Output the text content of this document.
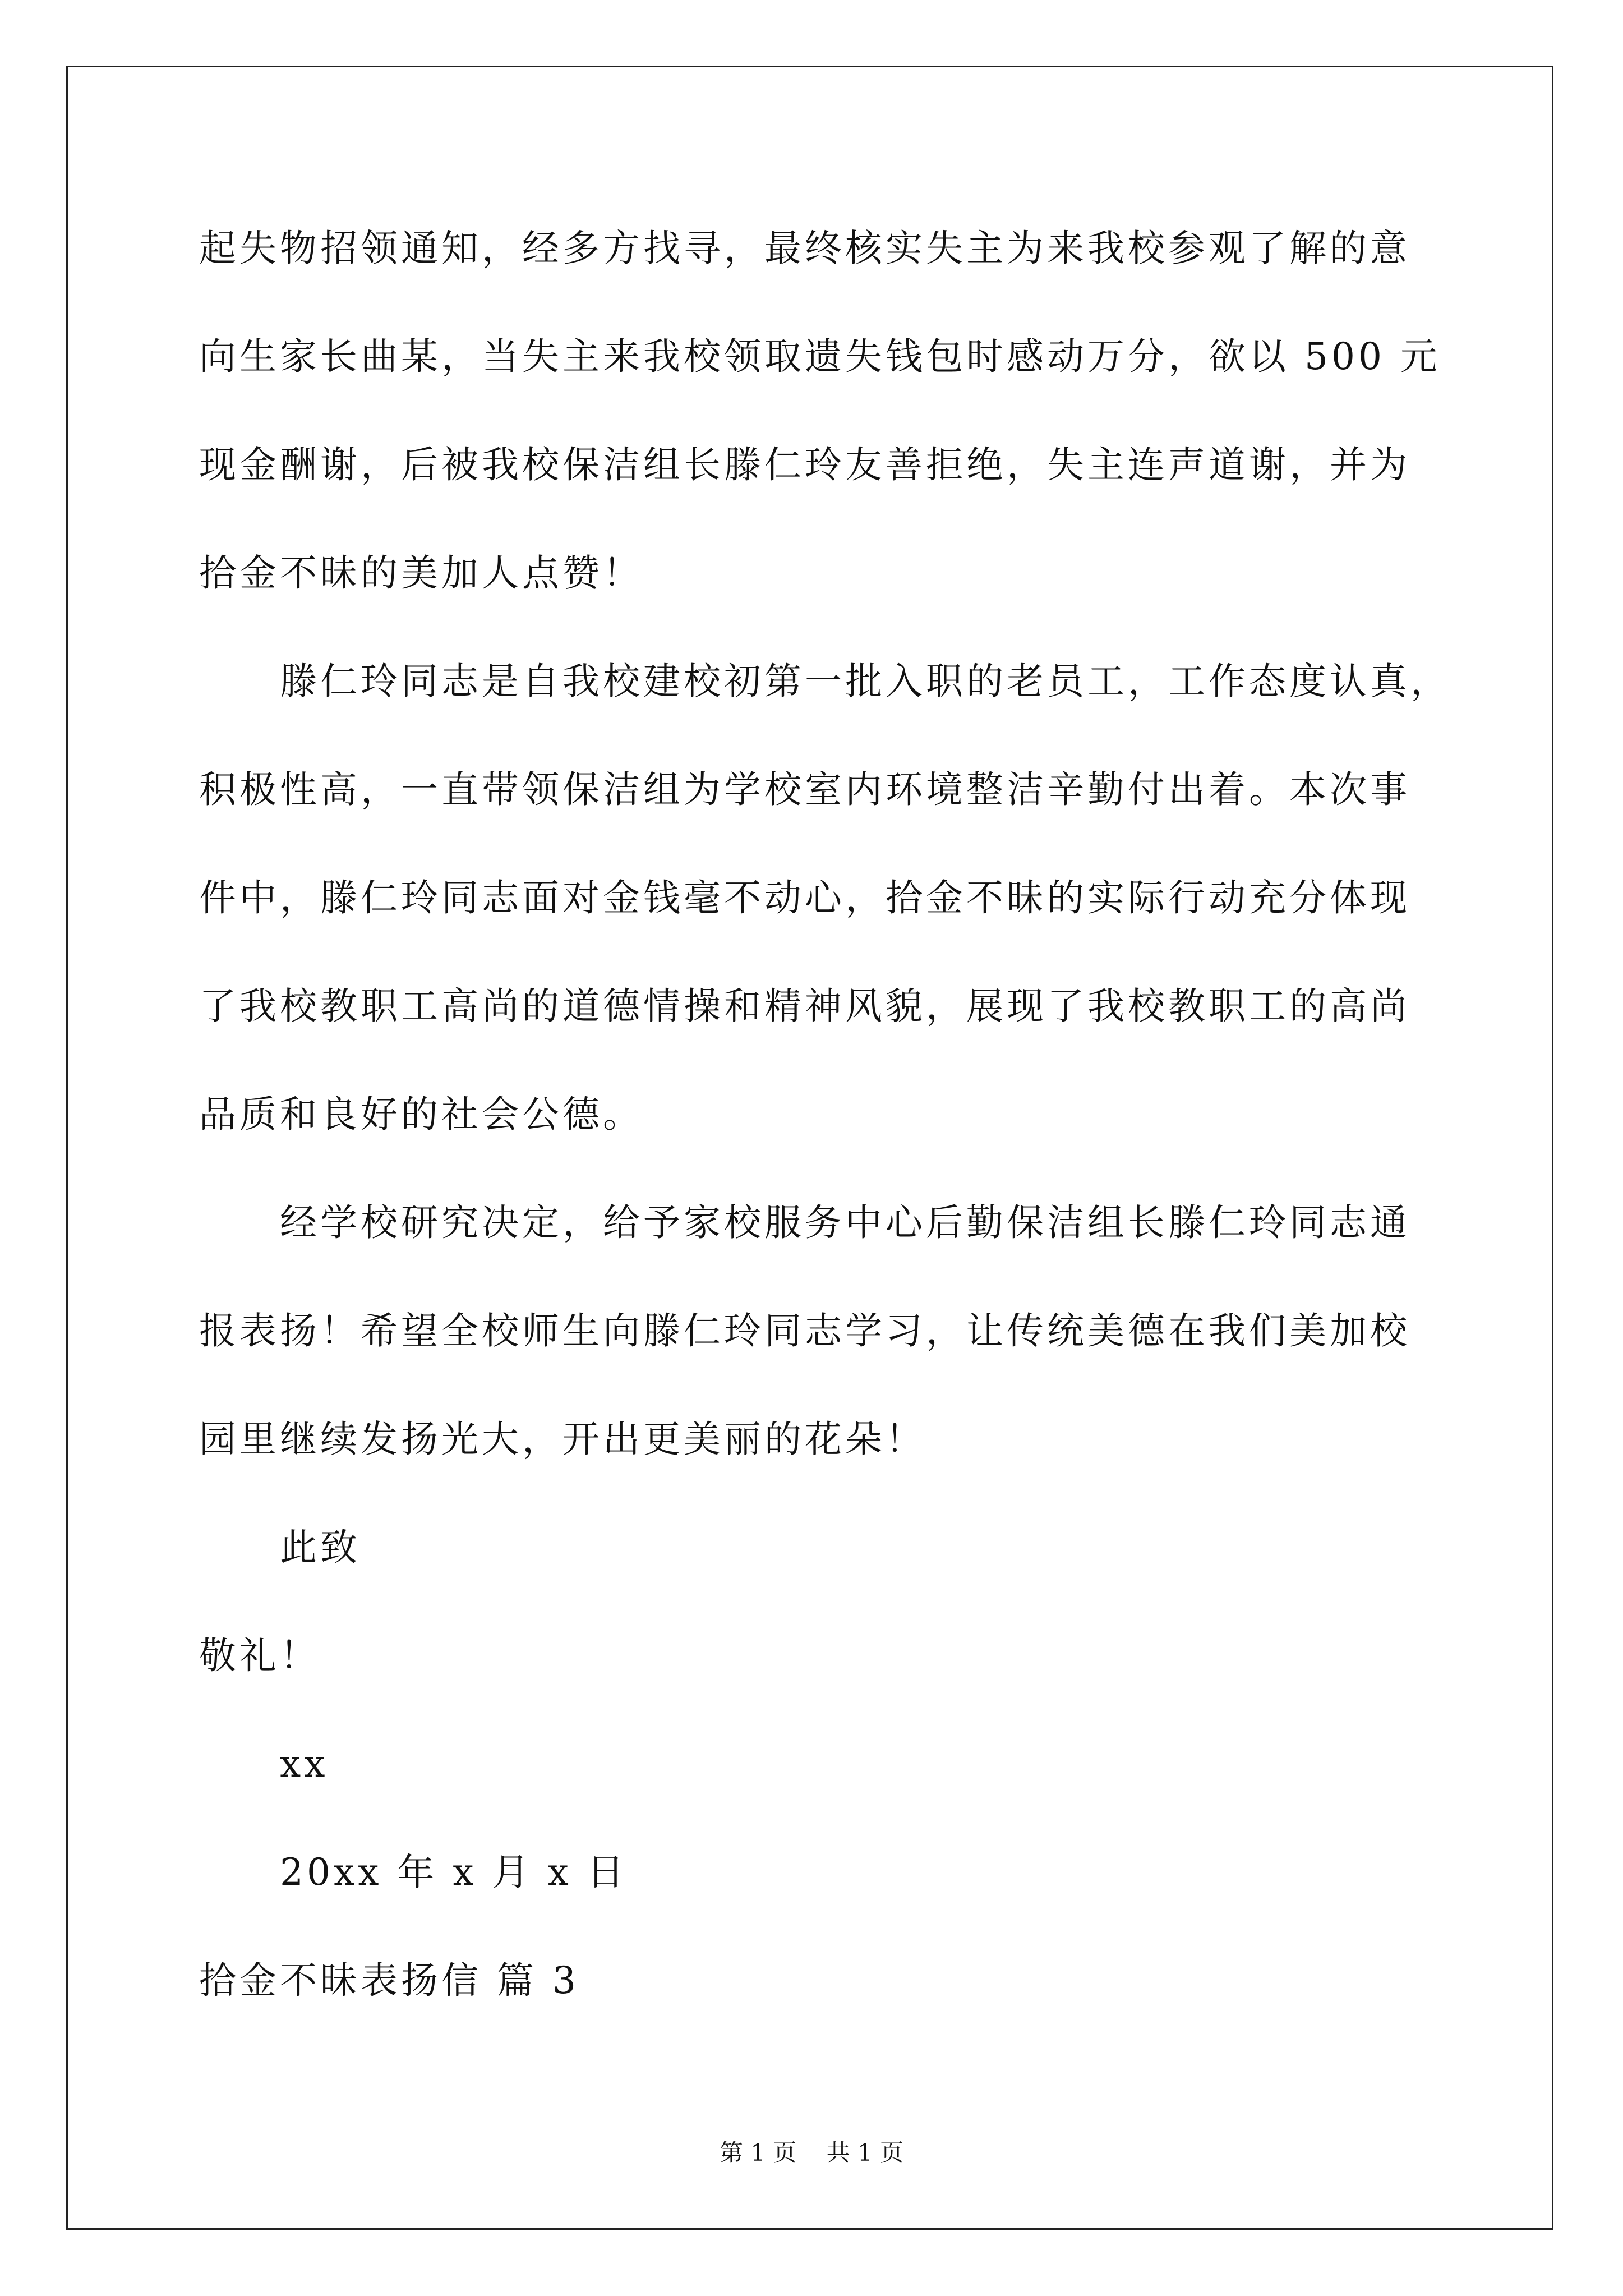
起失物招领通知，经多方找寻，最终核实失主为来我校参观了解的意
向生家长曲某，当失主来我校领取遗失钱包时感动万分，欲以 500 元
现金酬谢，后被我校保洁组长滕仁玲友善拒绝，失主连声道谢，并为
拾金不昧的美加人点赞！
滕仁玲同志是自我校建校初第一批入职的老员工，工作态度认真，
积极性高，一直带领保洁组为学校室内环境整洁辛勤付出着。本次事
件中，滕仁玲同志面对金钱毫不动心，拾金不昧的实际行动充分体现
了我校教职工高尚的道德情操和精神风貌，展现了我校教职工的高尚
品质和良好的社会公德。
经学校研究决定，给予家校服务中心后勤保洁组长滕仁玲同志通
报表扬！希望全校师生向滕仁玲同志学习，让传统美德在我们美加校
园里继续发扬光大，开出更美丽的花朵！
此致
敬礼！
xx
20xx 年 x 月 x 日
拾金不昧表扬信 篇 3
第 1 页    共 1 页
